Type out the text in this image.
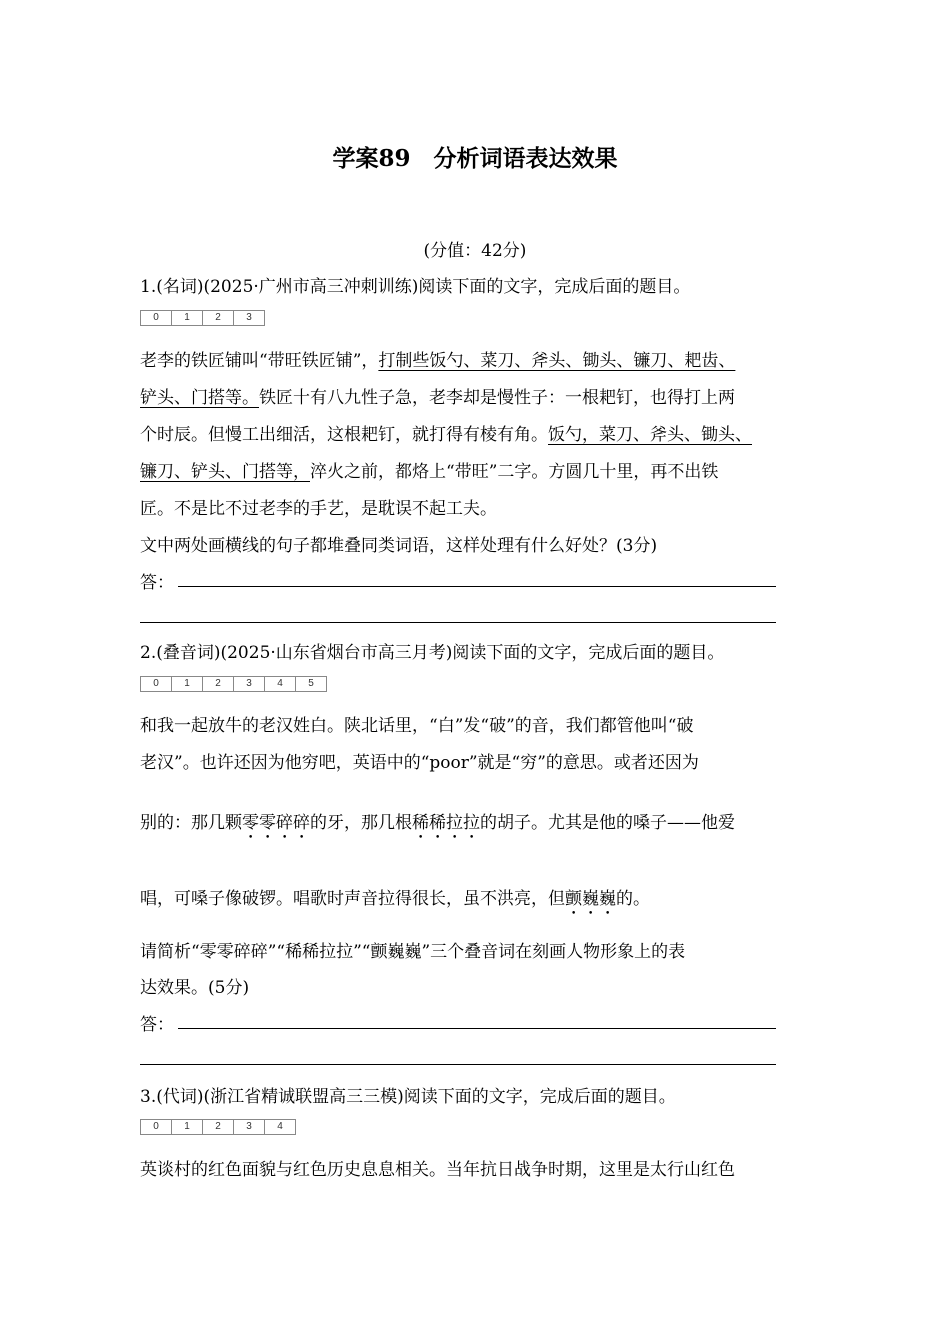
学案89　分析词语表达效果
(分值：42分)
1.(名词)(2025·广州市高三冲刺训练)阅读下面的文字，完成后面的题目。
0	1	2	3
老李的铁匠铺叫“带旺铁匠铺”，打制些饭勺、菜刀、斧头、锄头、镰刀、耙齿、
铲头、门搭等。铁匠十有八九性子急，老李却是慢性子：一根耙钉，也得打上两
个时辰。但慢工出细活，这根耙钉，就打得有棱有角。饭勺，菜刀、斧头、锄头、
镰刀、铲头、门搭等，淬火之前，都烙上“带旺”二字。方圆几十里，再不出铁
匠。不是比不过老李的手艺，是耽误不起工夫。
文中两处画横线的句子都堆叠同类词语，这样处理有什么好处？(3分)
答：
2.(叠音词)(2025·山东省烟台市高三月考)阅读下面的文字，完成后面的题目。
0	1	2	3	4	5
和我一起放牛的老汉姓白。陕北话里，“白”发“破”的音，我们都管他叫“破
老汉”。也许还因为他穷吧，英语中的“poor”就是“穷”的意思。或者还因为
别的：那几颗零零碎碎的牙，那几根稀稀拉拉的胡子。尤其是他的嗓子——他爱
唱，可嗓子像破锣。唱歌时声音拉得很长，虽不洪亮，但颤巍巍的。
请简析“零零碎碎”“稀稀拉拉”“颤巍巍”三个叠音词在刻画人物形象上的表
达效果。(5分)
答：
3.(代词)(浙江省精诚联盟高三三模)阅读下面的文字，完成后面的题目。
0	1	2	3	4
英谈村的红色面貌与红色历史息息相关。当年抗日战争时期，这里是太行山红色
